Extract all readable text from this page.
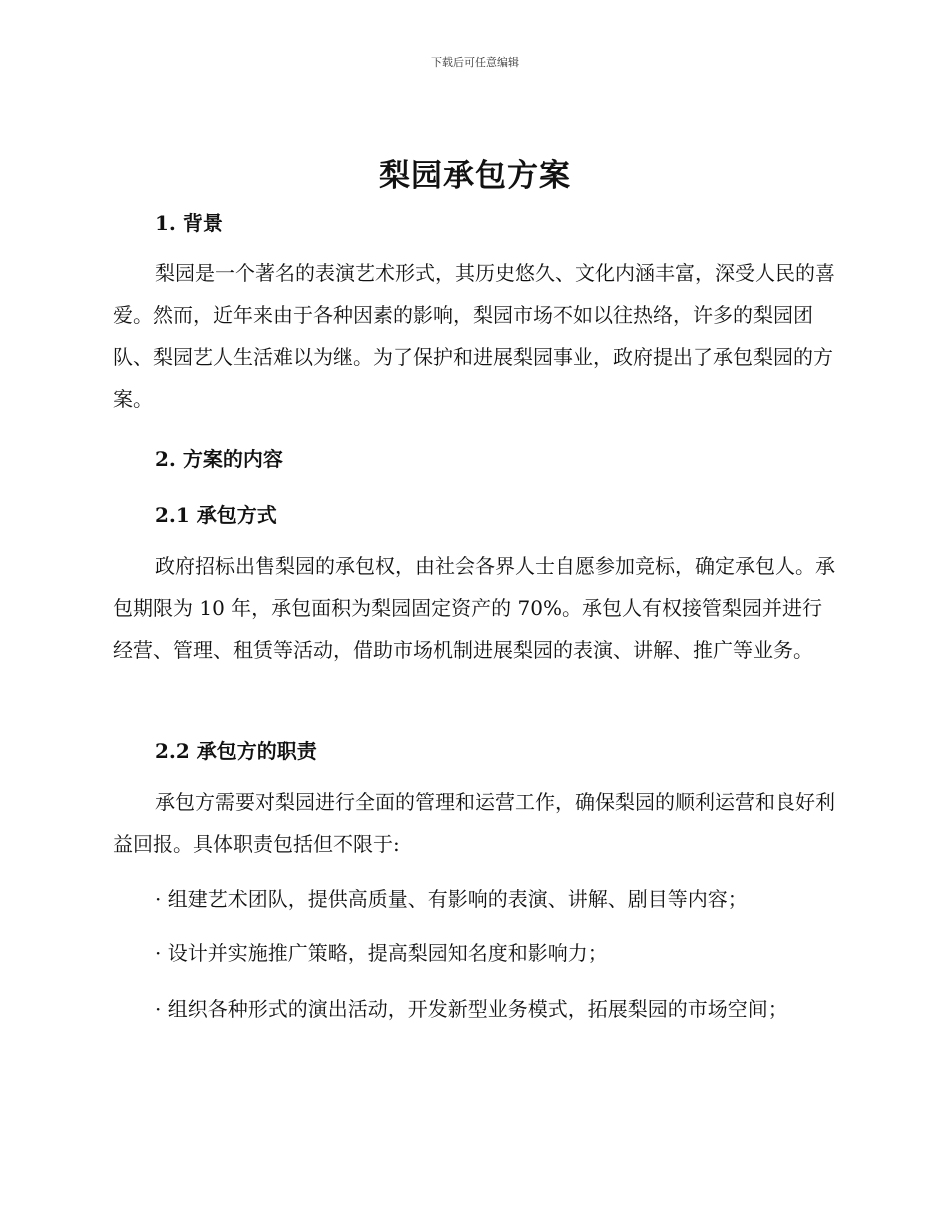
下载后可任意编辑
梨园承包方案
1. 背景

梨园是一个著名的表演艺术形式，其历史悠久、文化内涵丰富，深受人民的喜爱。然而，近年来由于各种因素的影响，梨园市场不如以往热络，许多的梨园团队、梨园艺人生活难以为继。为了保护和进展梨园事业，政府提出了承包梨园的方案。

2. 方案的内容
2.1 承包方式

政府招标出售梨园的承包权，由社会各界人士自愿参加竞标，确定承包人。承包期限为 10 年，承包面积为梨园固定资产的 70%。承包人有权接管梨园并进行经营、管理、租赁等活动，借助市场机制进展梨园的表演、讲解、推广等业务。

2.2 承包方的职责

承包方需要对梨园进行全面的管理和运营工作，确保梨园的顺利运营和良好利益回报。具体职责包括但不限于:

· 组建艺术团队，提供高质量、有影响的表演、讲解、剧目等内容；

· 设计并实施推广策略，提高梨园知名度和影响力；

· 组织各种形式的演出活动，开发新型业务模式，拓展梨园的市场空间；
